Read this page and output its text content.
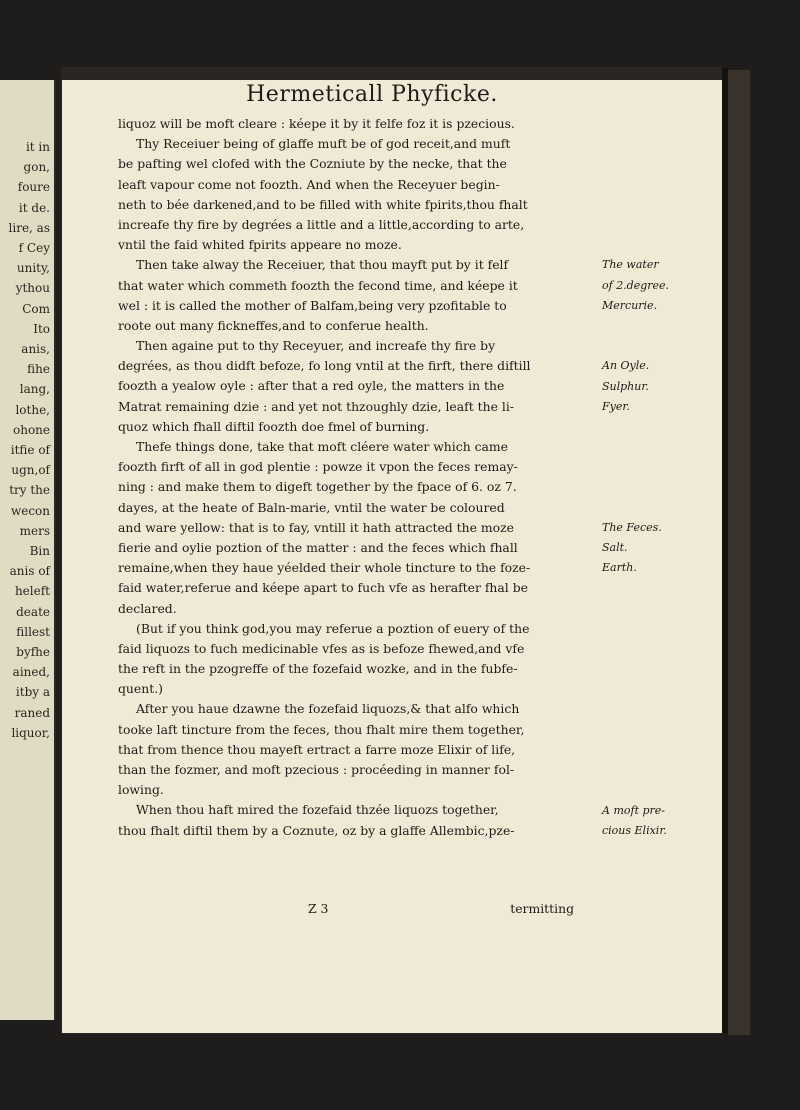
it in
gon,
foure
it de.
lire, as
f Cey
unity,
ythou
Com
Ito
anis,
fihe
lang,
lothe,
ohone
itfie of
ugn,of
try the
wecon
mers
Bin
anis of
heleft
deate
fillest
byfhe
ained,
itby a
raned
liquor,
Hermeticall Phyficke.
liquoz will be moft cleare : kéepe it by it felfe foz it is pzecious.
Thy Receiuer being of glaffe muft be of god receit,and muft
be pafting wel clofed with the Cozniute by the necke, that the
leaft vapour come not foozth. And when the Receyuer begin-
neth to bée darkened,and to be filled with white fpirits,thou fhalt
increafe thy fire by degrées a little and a little,according to arte,
vntil the faid whited fpirits appeare no moze.
Then take alway the Receiuer, that thou mayft put by it felf
that water which commeth foozth the fecond time, and kéepe it
wel : it is called the mother of Balfam,being very pzofitable to
roote out many fickneffes,and to conferue health.
Then againe put to thy Receyuer, and increafe thy fire by
degrées, as thou didft befoze, fo long vntil at the firft, there diftill
foozth a yealow oyle : after that a red oyle, the matters in the
Matrat remaining dzie : and yet not thzoughly dzie, leaft the li-
quoz which fhall diftil foozth doe fmel of burning.
Thefe things done, take that moft cléere water which came
foozth firft of all in god plentie : powze it vpon the feces remay-
ning : and make them to digeft together by the fpace of 6. oz 7.
dayes, at the heate of Baln-marie, vntil the water be coloured
and ware yellow: that is to fay, vntill it hath attracted the moze
fierie and oylie poztion of the matter : and the feces which fhall
remaine,when they haue yéelded their whole tincture to the foze-
faid water,referue and kéepe apart to fuch vfe as herafter fhal be
declared.
(But if you think god,you may referue a poztion of euery of the
faid liquozs to fuch medicinable vfes as is befoze fhewed,and vfe
the reft in the pzogreffe of the fozefaid wozke, and in the fubfe-
quent.)
After you haue dzawne the fozefaid liquozs,& that alfo which
tooke laft tincture from the feces, thou fhalt mire them together,
that from thence thou mayeft ertract a farre moze Elixir of life,
than the fozmer, and moft pzecious : procéeding in manner fol-
lowing.
When thou haft mired the fozefaid thzée liquozs together,
thou fhalt diftil them by a Coznute, oz by a glaffe Allembic,pze-
The water
of 2.degree.
Mercurie.
An Oyle.
Sulphur.
Fyer.
The Feces.
Salt.
Earth.
A moft pre-
cious Elixir.
Z 3	termitting
